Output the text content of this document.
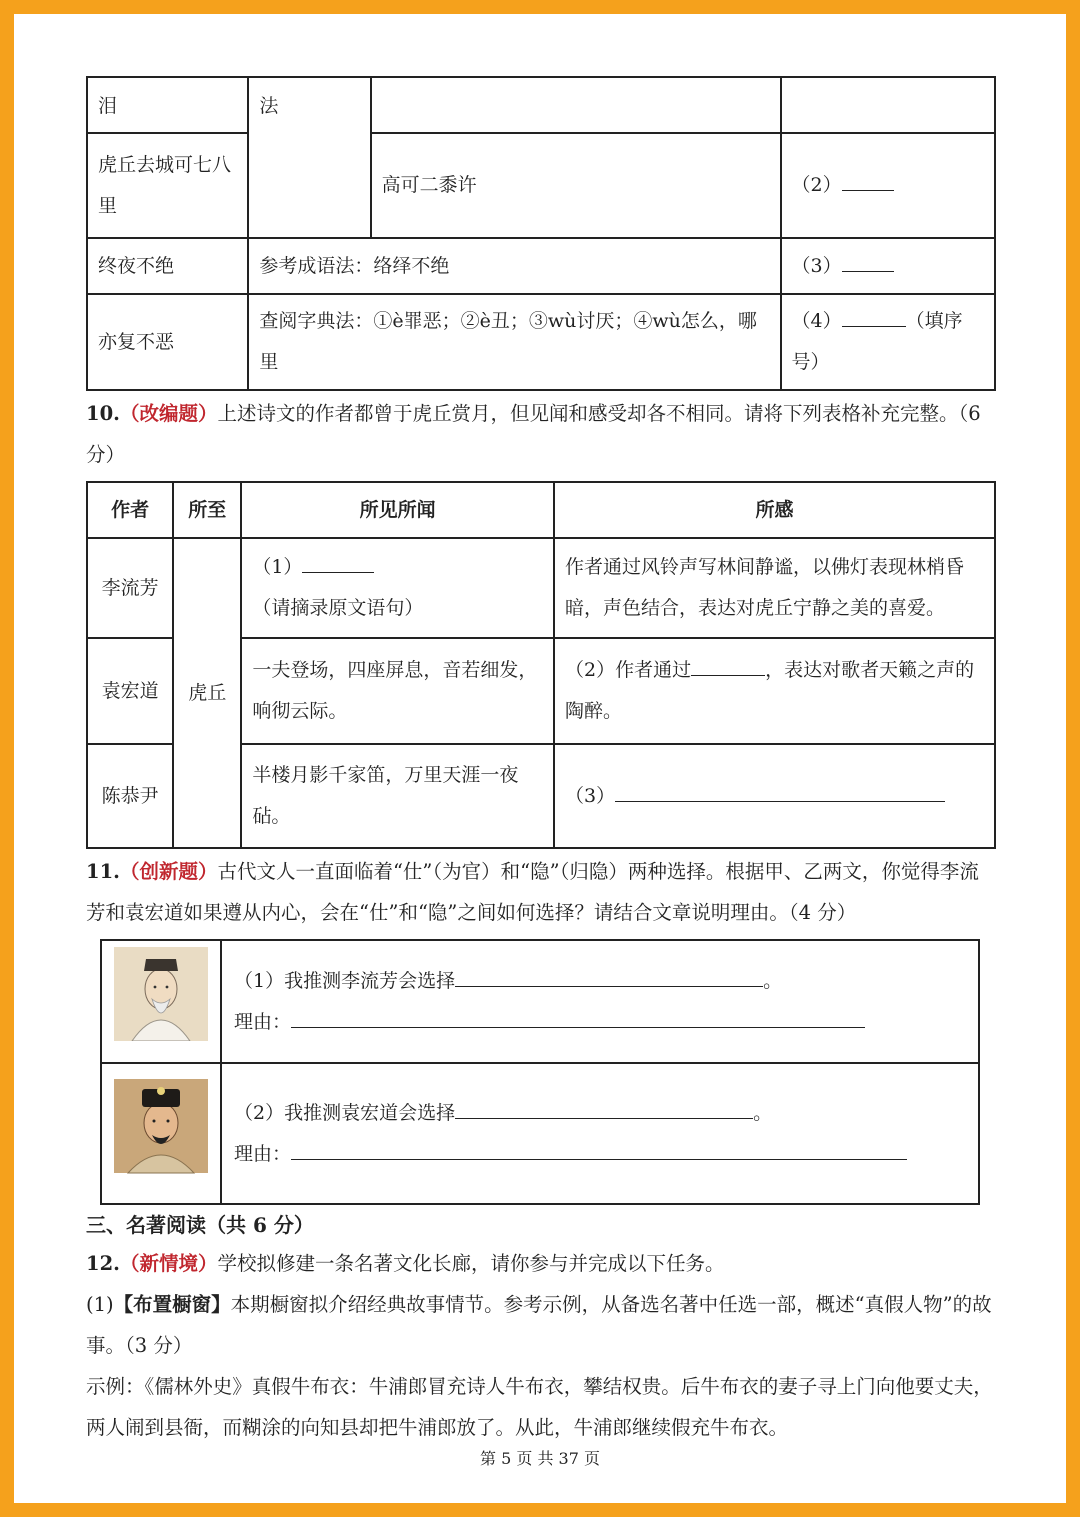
泪	法		
虎丘去城可七八里		高可二黍许	（2）
终夜不绝	参考成语法：络绎不绝		（3）
亦复不恶	查阅字典法：①è罪恶；②è丑；③wù讨厌；④wù怎么，哪里		（4） （填序号）

10.（改编题）上述诗文的作者都曾于虎丘赏月，但见闻和感受却各不相同。请将下列表格补充完整。（6 分）

作者	所至	所见所闻	所感
李流芳	虎丘	（1）（请摘录原文语句）	作者通过风铃声写林间静谧，以佛灯表现林梢昏暗，声色结合，表达对虎丘宁静之美的喜爱。
袁宏道		一夫登场，四座屏息，音若细发，响彻云际。	（2）作者通过 ，表达对歌者天籁之声的陶醉。
陈恭尹		半楼月影千家笛，万里天涯一夜砧。	（3）

11.（创新题）古代文人一直面临着“仕”（为官）和“隐”（归隐）两种选择。根据甲、乙两文，你觉得李流芳和袁宏道如果遵从内心，会在“仕”和“隐”之间如何选择？请结合文章说明理由。（4 分）

（1）我推测李流芳会选择 。
理由：

（2）我推测袁宏道会选择 。
理由：

三、名著阅读（共 6 分）

12.（新情境）学校拟修建一条名著文化长廊，请你参与并完成以下任务。

(1)【布置橱窗】本期橱窗拟介绍经典故事情节。参考示例，从备选名著中任选一部，概述“真假人物”的故事。（3 分）

示例：《儒林外史》真假牛布衣：牛浦郎冒充诗人牛布衣，攀结权贵。后牛布衣的妻子寻上门向他要丈夫，两人闹到县衙，而糊涂的向知县却把牛浦郎放了。从此，牛浦郎继续假充牛布衣。

第 5 页 共 37 页
